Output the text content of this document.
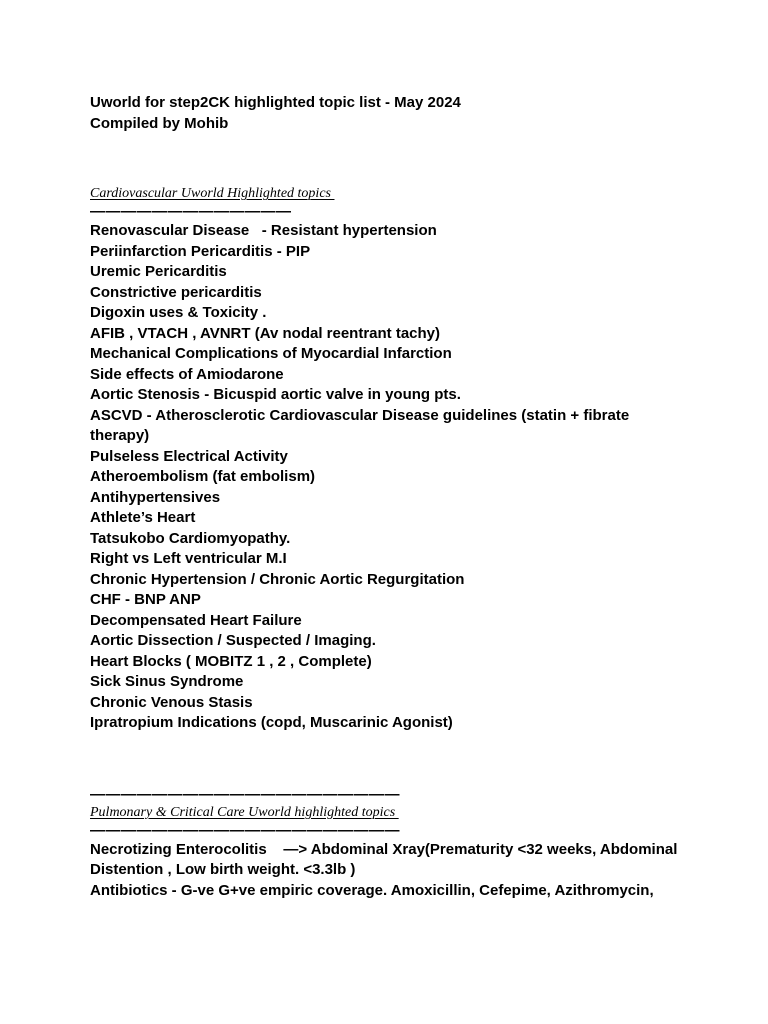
Uworld for step2CK highlighted topic list - May 2024

Compiled by Mohib

Cardiovascular Uworld Highlighted topics

—————————————

Renovascular Disease   - Resistant hypertension
Periinfarction Pericarditis - PIP
Uremic Pericarditis
Constrictive pericarditis
Digoxin uses & Toxicity .
AFIB , VTACH , AVNRT (Av nodal reentrant tachy)
Mechanical Complications of Myocardial Infarction
Side effects of Amiodarone
Aortic Stenosis - Bicuspid aortic valve in young pts.
ASCVD - Atherosclerotic Cardiovascular Disease guidelines (statin + fibrate therapy)
Pulseless Electrical Activity
Atheroembolism (fat embolism)
Antihypertensives
Athlete’s Heart
Tatsukobo Cardiomyopathy.
Right vs Left ventricular M.I
Chronic Hypertension / Chronic Aortic Regurgitation
CHF - BNP ANP
Decompensated Heart Failure
Aortic Dissection / Suspected / Imaging.
Heart Blocks ( MOBITZ 1 , 2 , Complete)
Sick Sinus Syndrome
Chronic Venous Stasis
Ipratropium Indications (copd, Muscarinic Agonist)

————————————————————

Pulmonary & Critical Care Uworld highlighted topics

————————————————————

Necrotizing Enterocolitis    —> Abdominal Xray(Prematurity <32 weeks, Abdominal Distention , Low birth weight. <3.3lb )
Antibiotics - G-ve G+ve empiric coverage. Amoxicillin, Cefepime, Azithromycin,
